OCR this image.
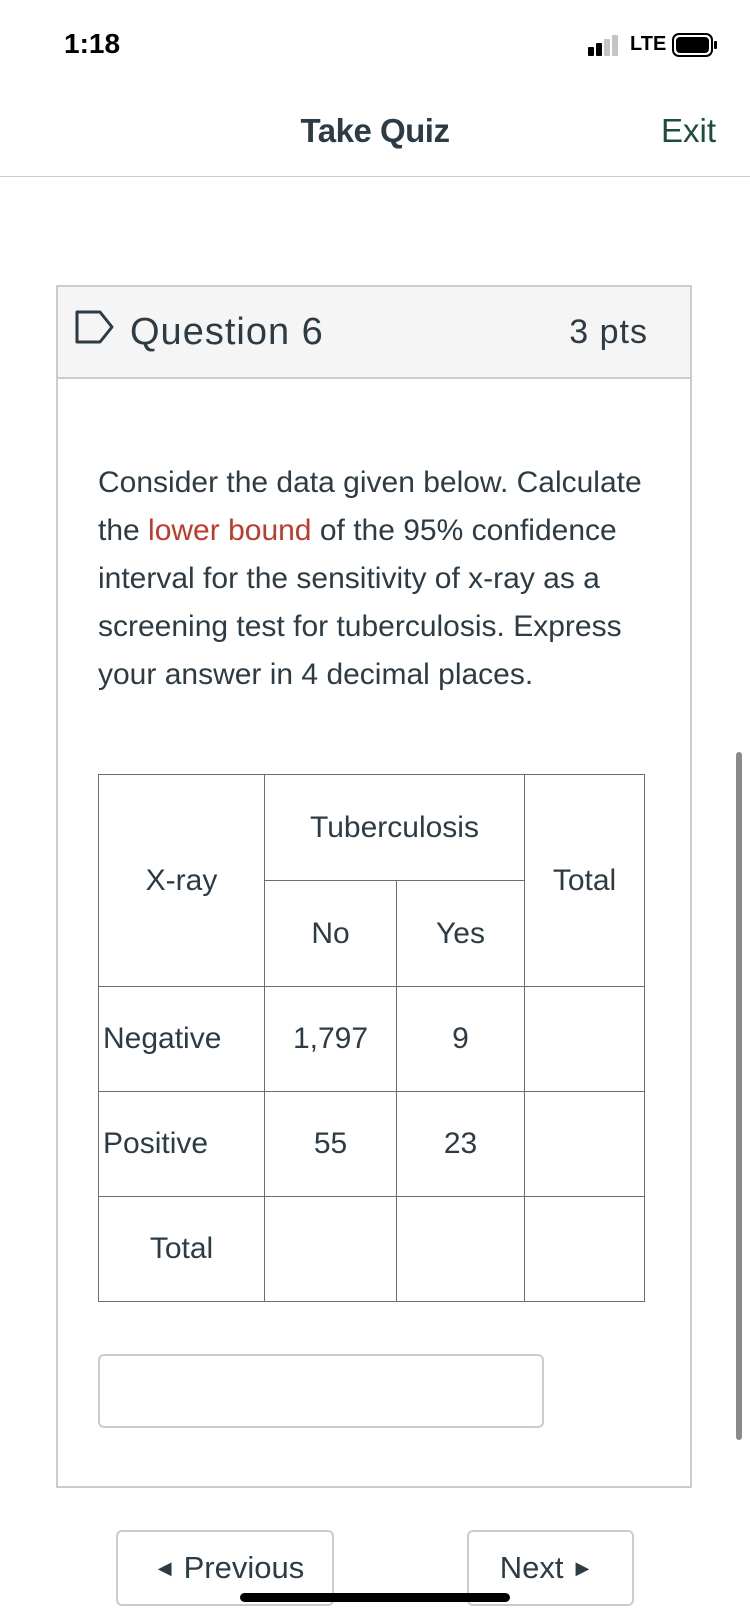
1:18	LTE
Take Quiz	Exit
Question 6	3 pts
Consider the data given below. Calculate the lower bound of the 95% confidence interval for the sensitivity of x-ray as a screening test for tuberculosis. Express your answer in 4 decimal places.
X-ray	Tuberculosis		Total
	No	Yes	
Negative	1,797	9	
Positive	55	23	
Total			
◀ Previous	Next ▶
